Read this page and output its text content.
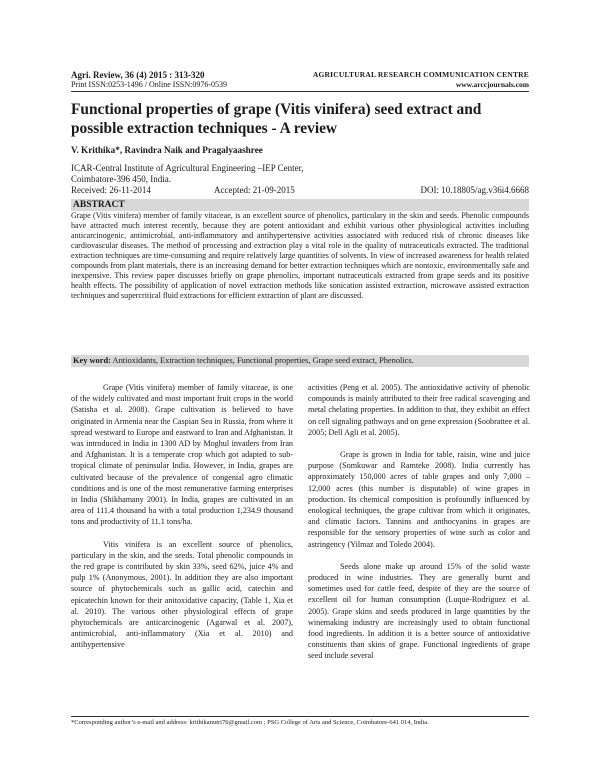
Agri. Review, 36 (4) 2015 : 313-320
Print ISSN:0253-1496 / Online ISSN:0976-0539
AGRICULTURAL RESEARCH COMMUNICATION CENTRE
www.arccjournals.com
Functional properties of grape (Vitis vinifera) seed extract and possible extraction techniques - A review
V. Krithika*, Ravindra Naik and Pragalyaashree
ICAR-Central Institute of Agricultural Engineering –IEP Center,
Coimbatore-396 450, India.
Received: 26-11-2014	Accepted: 21-09-2015	DOI: 10.18805/ag.v36i4.6668
ABSTRACT
Grape (Vitis vinifera) member of family vitaceae, is an excellent source of phenolics, particulary in the skin and seeds. Phenolic compounds have attracted much interest recently, because they are potent antioxidant and exhibit various other physiological activities including anticarcinogenic, antimicrobial, anti-inflammatory and antihypertensive activities associated with reduced risk of chronic diseases like cardiovascular diseases. The method of processing and extraction play a vital role in the quality of nutraceuticals extracted. The traditional extraction techniques are time-consuming and require relatively large quantities of solvents. In view of increased awareness for health related compounds from plant materials, there is an increasing demand for better extraction techniques which are nontoxic, environmentally safe and inexpensive. This review paper discusses briefly on grape phenolics, important nutraceuticals extracted from grape seeds and its positive health effects. The possibility of application of novel extraction methods like sonication assisted extraction, microwave assisted extraction techniques and supercritical fluid extractions for efficient extraction of plant are discussed.
Key word: Antioxidants, Extraction techniques, Functional properties, Grape seed extract, Phenolics.

Grape (Vitis vinifera) member of family vitaceae, is one of the widely cultivated and most important fruit crops in the world (Satisha et al. 2008). Grape cultivation is believed to have originated in Armenia near the Caspian Sea in Russia, from where it spread westward to Europe and eastward to Iran and Afghanistan. It was introduced in India in 1300 AD by Moghul invaders from Iran and Afghanistan. It is a temperate crop which got adapted to sub-tropical climate of peninsular India. However, in India, grapes are cultivated because of the prevalence of congenial agro climatic conditions and is one of the most remunerative farming enterprises in India (Shikhamany 2001). In India, grapes are cultivated in an area of 111.4 thousand ha with a total production 1,234.9 thousand tons and productivity of 11.1 tons/ha.

Vitis vinifera is an excellent source of phenolics, particulary in the skin, and the seeds. Total phenolic compounds in the red grape is contributed by skin 33%, seed 62%, juice 4% and pulp 1% (Anonymous, 2001). In addition they are also important source of phytochemicals such as gallic acid, catechin and epicatechin known for their anitoxidative capacity, (Table 1, Xia et al. 2010). The various other physiological effects of grape phytochemicals are anticarcinogenic (Agarwal et al. 2007), antimicrobial, anti-inflammatory (Xia et al. 2010) and antihypertensive

activities (Peng et al. 2005). The antioxidative activity of phenolic compounds is mainly attributed to their free radical scavenging and metal chelating properties. In addition to that, they exhibit an effect on cell signaling pathways and on gene expression (Soobrattee et al. 2005; Dell Agli et al. 2005).

Grape is grown in India for table, raisin, wine and juice purpose (Somkuwar and Ramteke 2008). India currently has approximately 150,000 acres of table grapes and only 7,000 – 12,000 acres (this number is disputable) of wine grapes in production. Its chemical composition is profoundly influenced by enological techniques, the grape cultivar from which it originates, and climatic factors. Tannins and anthocyanins in grapes are responsible for the sensory properties of wine such as color and astringency (Yilmaz and Toledo 2004).

Seeds alone make up around 15% of the solid waste produced in wine industries. They are generally burnt and sometimes used for cattle feed, despite of they are the source of excellent oil for human consumption (Luque-Rodriguez et al. 2005). Grape skins and seeds produced in large quantities by the winemaking industry are increasingly used to obtain functional food ingredients. In addition it is a better source of antioxidative constituents than skins of grape. Functional ingredients of grape seed include several

*Corresponding author’s e-mail and address: krithikanutri76@gmail.com ; PSG College of Arts and Science, Coimbatore-641 014, India.
